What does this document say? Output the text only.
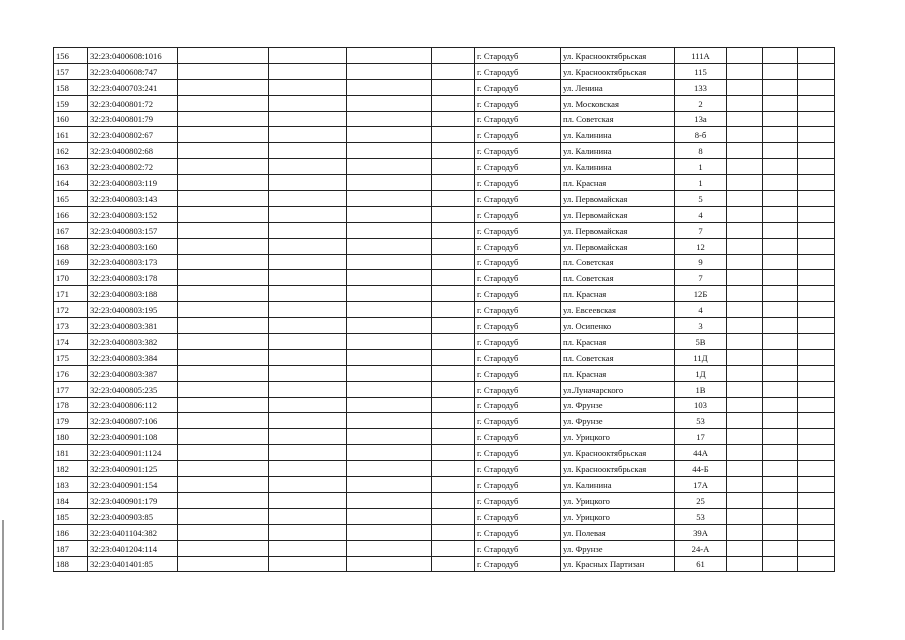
156	32:23:0400608:1016					г. Стародуб	ул. Краснооктябрьская	111А			
157	32:23:0400608:747					г. Стародуб	ул. Краснооктябрьская	115			
158	32:23:0400703:241					г. Стародуб	ул. Ленина	133			
159	32:23:0400801:72					г. Стародуб	ул. Московская	2			
160	32:23:0400801:79					г. Стародуб	пл. Советская	13а			
161	32:23:0400802:67					г. Стародуб	ул. Калинина	8-б			
162	32:23:0400802:68					г. Стародуб	ул. Калинина	8			
163	32:23:0400802:72					г. Стародуб	ул. Калинина	1			
164	32:23:0400803:119					г. Стародуб	пл. Красная	1			
165	32:23:0400803:143					г. Стародуб	ул. Первомайская	5			
166	32:23:0400803:152					г. Стародуб	ул. Первомайская	4			
167	32:23:0400803:157					г. Стародуб	ул. Первомайская	7			
168	32:23:0400803:160					г. Стародуб	ул. Первомайская	12			
169	32:23:0400803:173					г. Стародуб	пл. Советская	9			
170	32:23:0400803:178					г. Стародуб	пл. Советская	7			
171	32:23:0400803:188					г. Стародуб	пл. Красная	12Б			
172	32:23:0400803:195					г. Стародуб	ул. Евсеевская	4			
173	32:23:0400803:381					г. Стародуб	ул. Осипенко	3			
174	32:23:0400803:382					г. Стародуб	пл. Красная	5В			
175	32:23:0400803:384					г. Стародуб	пл. Советская	11Д			
176	32:23:0400803:387					г. Стародуб	пл. Красная	1Д			
177	32:23:0400805:235					г. Стародуб	ул.Луначарского	1В			
178	32:23:0400806:112					г. Стародуб	ул. Фрунзе	103			
179	32:23:0400807:106					г. Стародуб	ул. Фрунзе	53			
180	32:23:0400901:108					г. Стародуб	ул. Урицкого	17			
181	32:23:0400901:1124					г. Стародуб	ул. Краснооктябрьская	44А			
182	32:23:0400901:125					г. Стародуб	ул. Краснооктябрьская	44-Б			
183	32:23:0400901:154					г. Стародуб	ул. Калинина	17А			
184	32:23:0400901:179					г. Стародуб	ул. Урицкого	25			
185	32:23:0400903:85					г. Стародуб	ул. Урицкого	53			
186	32:23:0401104:382					г. Стародуб	ул. Полевая	39А			
187	32:23:0401204:114					г. Стародуб	ул. Фрунзе	24-А			
188	32:23:0401401:85					г. Стародуб	ул. Красных Партизан	61			
